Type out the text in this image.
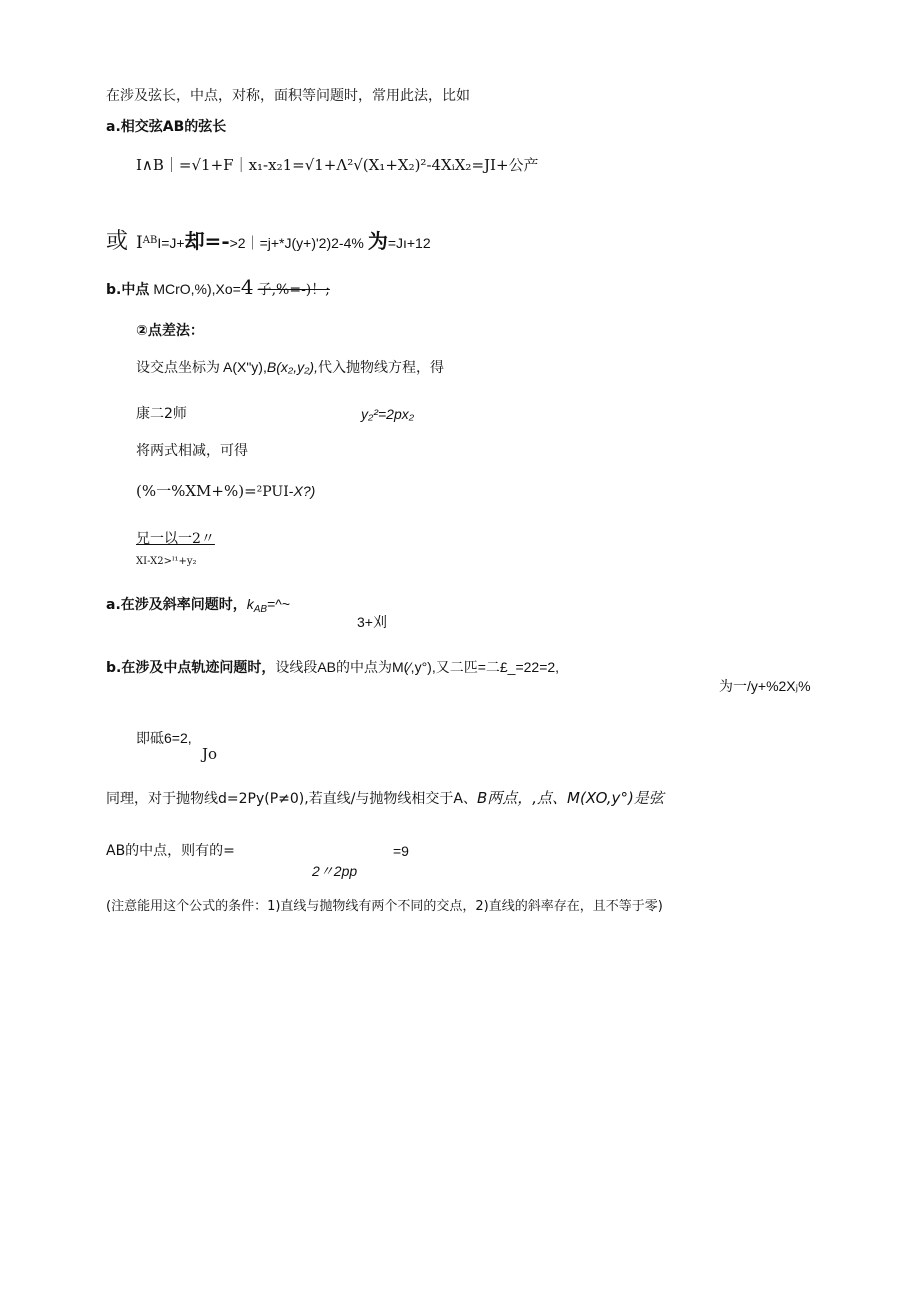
在涉及弦长，中点，对称，面积等问题时，常用此法，比如
a.相交弦AB的弦长
I∧B｜=√1+F｜x₁-x₂1=√1+Λ²√(X₁+X₂)²-4XᵢX₂=JI+公产
或 $I^{AB}I=J+$却=->2｜=j+*J(y+)'2)2-4% 为=Jı+12
b.中点 MCrO,%),Xo=4 子,%=-)！;
②点差法：
设交点坐标为 A(X"y),B(x₂,y₂),代入抛物线方程，得
康二2师	y₂²=2px₂
将两式相减，可得
(%一%XM+%)=²PUI-X?)
兄一以一2〃
XI-X2>ᴵ¹+y₂
a.在涉及斜率问题时，kAB=^~
3+刈
b.在涉及中点轨迹问题时，设线段AB的中点为M(⁄,y°),又二匹=二£_=22=2,
为一/y+%2Xⱼ%
即砥6=2,
Jo
同理，对于抛物线d=2Py(P≠0),若直线/与抛物线相交于A、B两点，,点、M(XO,y°)是弦
AB的中点，则有的=	=9
2〃2pp
(注意能用这个公式的条件：1)直线与抛物线有两个不同的交点，2)直线的斜率存在，且不等于零)
